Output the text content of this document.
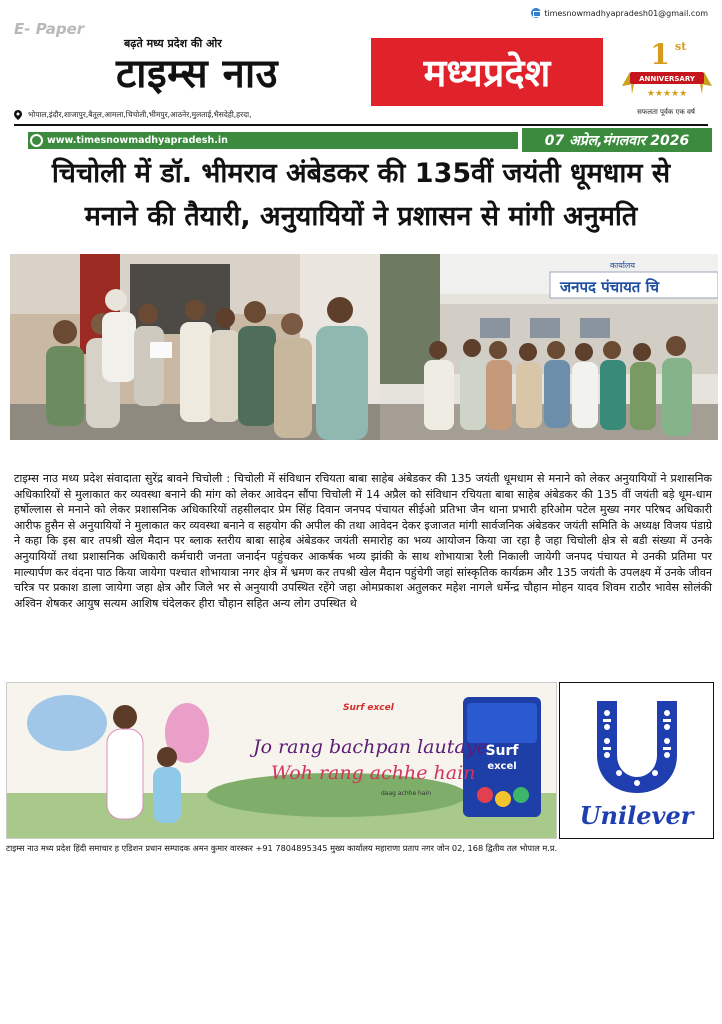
E- Paper
timesnowmadhyapradesh01@gmail.com
बढ़ते मध्य प्रदेश की ओर
टाइम्स नाउ	मध्यप्रदेश	1 st
ANNIVERSARY
★★★★★
सफलता पूर्वक एक वर्ष
भोपाल,इंदौर,शाजापुर,बैतूल,आमला,चिचोली,भीमपुर,आठनेर,मुलताई,भैसदेही,हरदा,
www.timesnowmadhyapradesh.in	07 अप्रेल,मंगलवार 2026
चिचोली में डॉ. भीमराव अंबेडकर की 135वीं जयंती धूमधाम से
मनाने की तैयारी, अनुयायियों ने प्रशासन से मांगी अनुमति
कार्यालय
जनपद पंचायत चि
टाइम्स नाउ मध्य प्रदेश संवादाता सुरेंद्र बावने चिचोली : चिचोली में संविधान रचियता बाबा साहेब अंबेडकर की 135 जयंती धूमधाम से मनाने को लेकर अनुयायियों ने प्रशासनिक अधिकारियों से मुलाकात कर व्यवस्था बनाने की मांग को लेकर आवेदन सौंपा चिचोली में 14 अप्रैल को संविधान रचियता बाबा साहेब अंबेडकर की 135 वीं जयंती बड़े धूम-धाम हर्षोल्लास से मनाने को लेकर प्रशासनिक अधिकारियों तहसीलदार प्रेम सिंह दिवान जनपद पंचायत सीईओ प्रतिभा जैन थाना प्रभारी हरिओम पटेल मुख्य नगर परिषद अधिकारी आरीफ हुसैन से अनुयायियों ने मुलाकात कर व्यवस्था बनाने व सहयोग की अपील की तथा आवेदन देकर इजाजत मांगी सार्वजनिक अंबेडकर जयंती समिति के अध्यक्ष विजय पंडाग्रे ने कहा कि इस बार तपश्री खेल मैदान पर ब्लाक स्तरीय बाबा साहेब अंबेडकर जयंती समारोह का भव्य आयोजन किया जा रहा है जहा चिचोली क्षेत्र से बडी संख्या में उनके अनुयायियों तथा प्रशासनिक अधिकारी कर्मचारी जनता जनार्दन पहुंचकर आकर्षक भव्य झांकी के साथ शोभायात्रा रैली निकाली जायेगी जनपद पंचायत मे उनकी प्रतिमा पर माल्यार्पण कर वंदना पाठ किया जायेगा पश्चात शोभायात्रा नगर क्षेत्र में भ्रमण कर तपश्री खेल मैदान पहुंचेगी जहां सांस्कृतिक कार्यक्रम और 135 जयंती के उपलक्ष्य में उनके जीवन चरित्र पर प्रकाश डाला जायेगा जहा क्षेत्र और जिले भर से अनुयायी उपस्थित रहेंगे जहा ओमप्रकाश अतुलकर महेश नागले धर्मेन्द्र चौहान मोहन यादव शिवम राठौर भावेस सोलंकी अश्विन शेषकर आयुष सत्यम आशिष चंदेलकर हीरा चौहान सहित अन्य लोग उपस्थित थे
Surf
excel
Surf excel
Jo rang bachpan lautaye
Woh rang achhe hain
daag achhe hain
Unilever
टाइम्स नाउ मध्य प्रदेश हिंदी समाचार ह एडिशन प्रधान सम्पादक अमन कुमार वारस्कर +91 7804895345 मुख्य कार्यालय महाराणा प्रताप नगर जोन 02, 168 द्वितीय तल भोपाल म.प्र.
